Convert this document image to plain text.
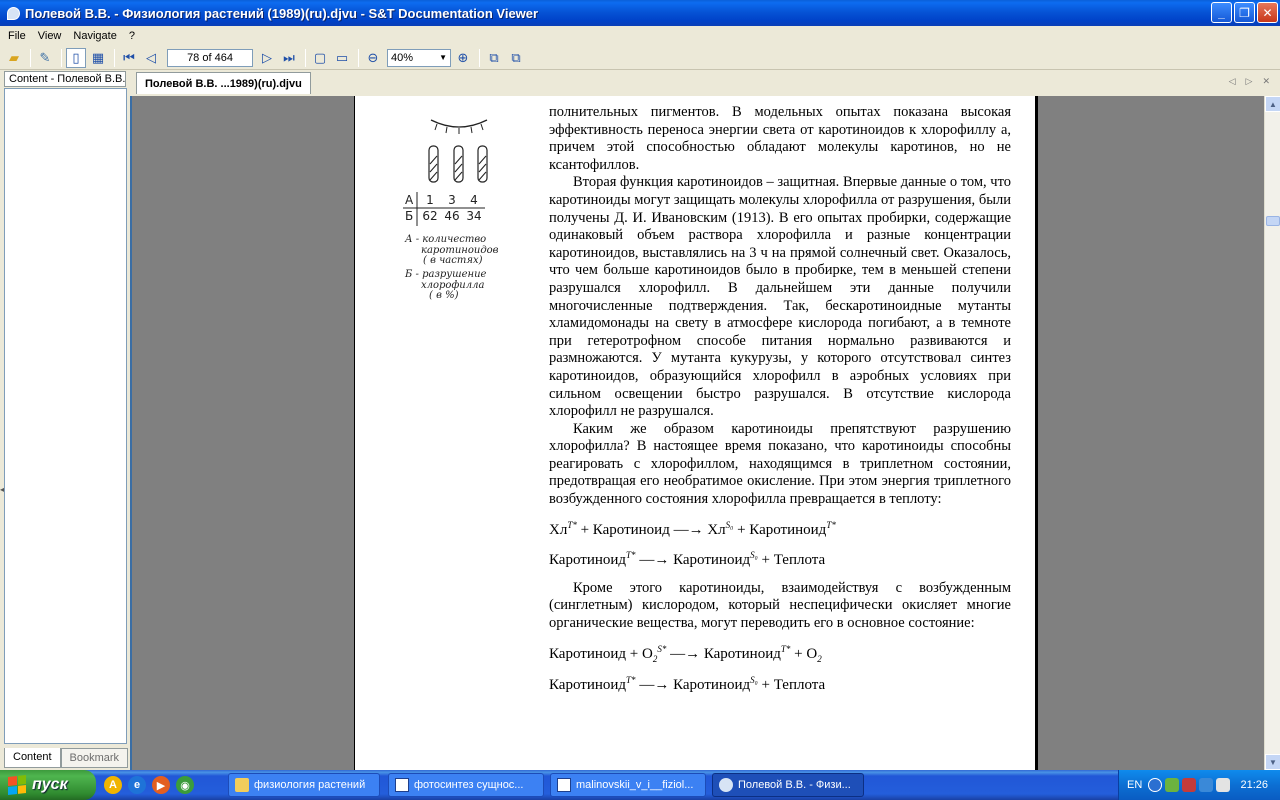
Полевой В.В. - Физиология растений (1989)(ru).djvu - S&T Documentation Viewer	_	❐	✕
File	View	Navigate	?
▰	✎	▯ ▦	⏮ ◁
78 of 464	▷ ⏭	▢ ▭	⊖	40%	▼ ⊕	⧉ ⧉
Content - Полевой В.В.
Content	Bookmark
◂
Полевой В.В. ...1989)(ru).djvu	◁ ▷ ✕
А	1	3	4
Б 62 46 34
А - количество
каротиноидов
( в частях)
Б - разрушение
хлорофилла
( в %)

полнительных пигментов. В модельных опытах показана высокая эффективность переноса энергии света от каротиноидов к хлорофиллу а, причем этой способностью обладают молекулы каротинов, но не ксантофиллов.

Вторая функция каротиноидов – защитная. Впервые данные о том, что каротиноиды могут защищать молекулы хлорофилла от разрушения, были получены Д. И. Ивановским (1913). В его опытах пробирки, содержащие одинаковый объем раствора хлорофилла и разные концентрации каротиноидов, выставлялись на 3 ч на прямой солнечный свет. Оказалось, что чем больше каротиноидов было в пробирке, тем в меньшей степени разрушался хлорофилл. В дальнейшем эти данные получили многочисленные подтверждения. Так, бескаротиноидные мутанты хламидомонады на свету в атмосфере кислорода погибают, а в темноте при гетеротрофном способе питания нормально развиваются и размножаются. У мутанта кукурузы, у которого отсутствовал синтез каротиноидов, образующийся хлорофилл в аэробных условиях при сильном освещении быстро разрушался. В отсутствие кислорода хлорофилл не разрушался.

Каким же образом каротиноиды препятствуют разрушению хлорофилла? В настоящее время показано, что каротиноиды способны реагировать с хлорофиллом, находящимся в триплетном состоянии, предотвращая его необратимое окисление. При этом энергия триплетного возбужденного состояния хлорофилла превращается в теплоту:

$Хл^{T*}$ + Каротиноид —→ $Хл^{S_0}$ + Каротиноид$^{T*}$
Каротиноид$^{T*}$ —→ Каротиноид$^{S_0}$ + Теплота

Кроме этого каротиноиды, взаимодействуя с возбужденным (синглетным) кислородом, который неспецифически окисляет многие органические вещества, могут переводить его в основное состояние:

Каротиноид + $O_2^{S*}$ —→ Каротиноид$^{T*}$ + $O_2$
Каротиноид$^{T*}$ —→ Каротиноид$^{S_0}$ + Теплота
▲
▼
пуск	A	e	▶	◉	физиология растений	фотосинтез сущнос...	malinovskii_v_i__fiziol...	Полевой В.В. - Физи...	EN	21:26
